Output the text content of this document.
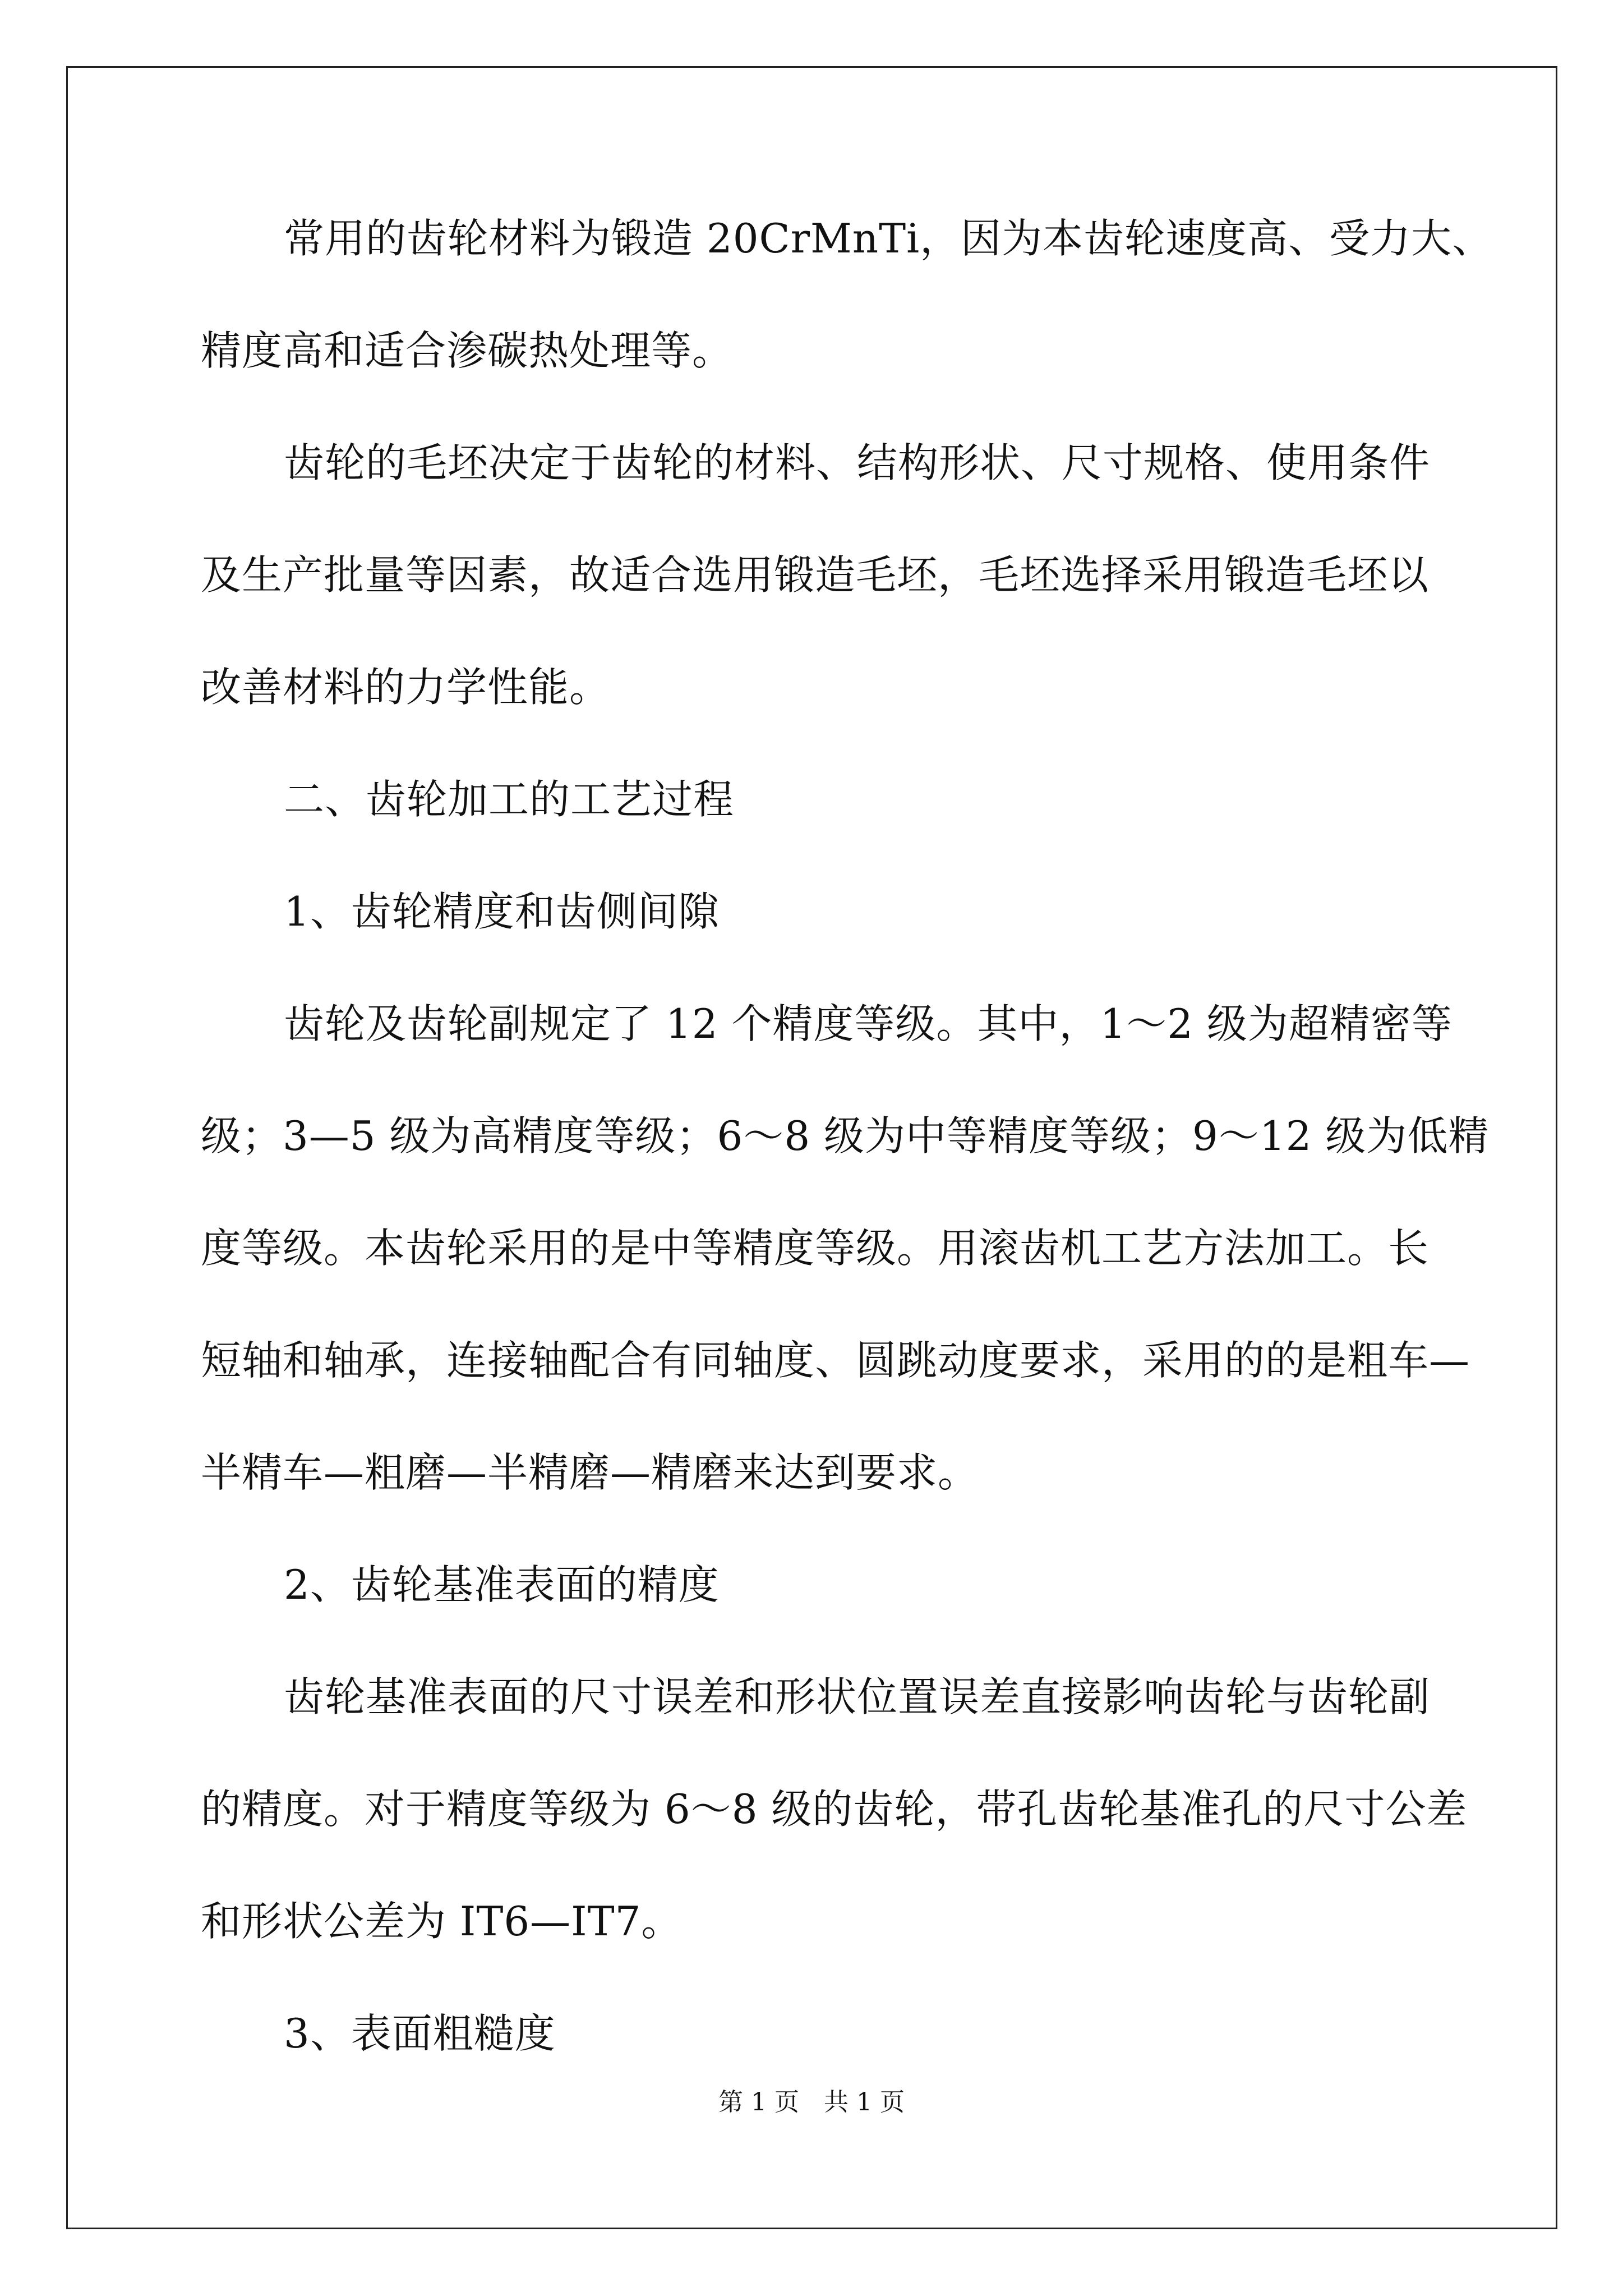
常用的齿轮材料为锻造 20CrMnTi，因为本齿轮速度高、受力大、
精度高和适合渗碳热处理等。
齿轮的毛坯决定于齿轮的材料、结构形状、尺寸规格、使用条件
及生产批量等因素，故适合选用锻造毛坯，毛坯选择采用锻造毛坯以
改善材料的力学性能。
二、齿轮加工的工艺过程
1、齿轮精度和齿侧间隙
齿轮及齿轮副规定了 12 个精度等级。其中，1～2 级为超精密等
级；3—5 级为高精度等级；6～8 级为中等精度等级；9～12 级为低精
度等级。本齿轮采用的是中等精度等级。用滚齿机工艺方法加工。长
短轴和轴承，连接轴配合有同轴度、圆跳动度要求，采用的的是粗车—
半精车—粗磨—半精磨—精磨来达到要求。
2、齿轮基准表面的精度
齿轮基准表面的尺寸误差和形状位置误差直接影响齿轮与齿轮副
的精度。对于精度等级为 6～8 级的齿轮，带孔齿轮基准孔的尺寸公差
和形状公差为 IT6—IT7。
3、表面粗糙度
第 1 页　共 1 页
